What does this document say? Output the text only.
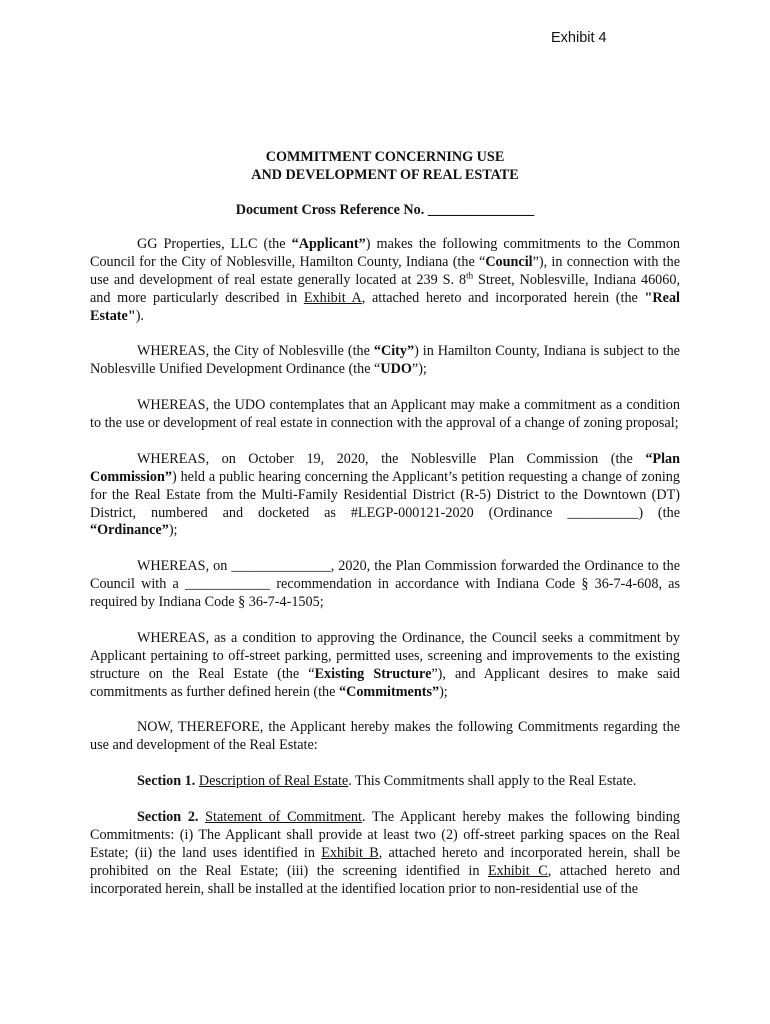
Exhibit 4
COMMITMENT CONCERNING USE
AND DEVELOPMENT OF REAL ESTATE
Document Cross Reference No. _______________

GG Properties, LLC (the “Applicant”) makes the following commitments to the Common Council for the City of Noblesville, Hamilton County, Indiana (the “Council”), in connection with the use and development of real estate generally located at 239 S. 8th Street, Noblesville, Indiana 46060, and more particularly described in Exhibit A, attached hereto and incorporated herein (the "Real Estate").

WHEREAS, the City of Noblesville (the “City”) in Hamilton County, Indiana is subject to the Noblesville Unified Development Ordinance (the “UDO”);

WHEREAS, the UDO contemplates that an Applicant may make a commitment as a condition to the use or development of real estate in connection with the approval of a change of zoning proposal;

WHEREAS, on October 19, 2020, the Noblesville Plan Commission (the “Plan Commission”) held a public hearing concerning the Applicant’s petition requesting a change of zoning for the Real Estate from the Multi-Family Residential District (R-5) District to the Downtown (DT) District, numbered and docketed as #LEGP-000121-2020 (Ordinance __________) (the “Ordinance”);

WHEREAS, on ______________, 2020, the Plan Commission forwarded the Ordinance to the Council with a ____________ recommendation in accordance with Indiana Code § 36-7-4-608, as required by Indiana Code § 36-7-4-1505;

WHEREAS, as a condition to approving the Ordinance, the Council seeks a commitment by Applicant pertaining to off-street parking, permitted uses, screening and improvements to the existing structure on the Real Estate (the “Existing Structure”), and Applicant desires to make said commitments as further defined herein (the “Commitments”);

NOW, THEREFORE, the Applicant hereby makes the following Commitments regarding the use and development of the Real Estate:

Section 1. Description of Real Estate. This Commitments shall apply to the Real Estate.

Section 2. Statement of Commitment. The Applicant hereby makes the following binding Commitments: (i) The Applicant shall provide at least two (2) off-street parking spaces on the Real Estate; (ii) the land uses identified in Exhibit B, attached hereto and incorporated herein, shall be prohibited on the Real Estate; (iii) the screening identified in Exhibit C, attached hereto and incorporated herein, shall be installed at the identified location prior to non-residential use of the
